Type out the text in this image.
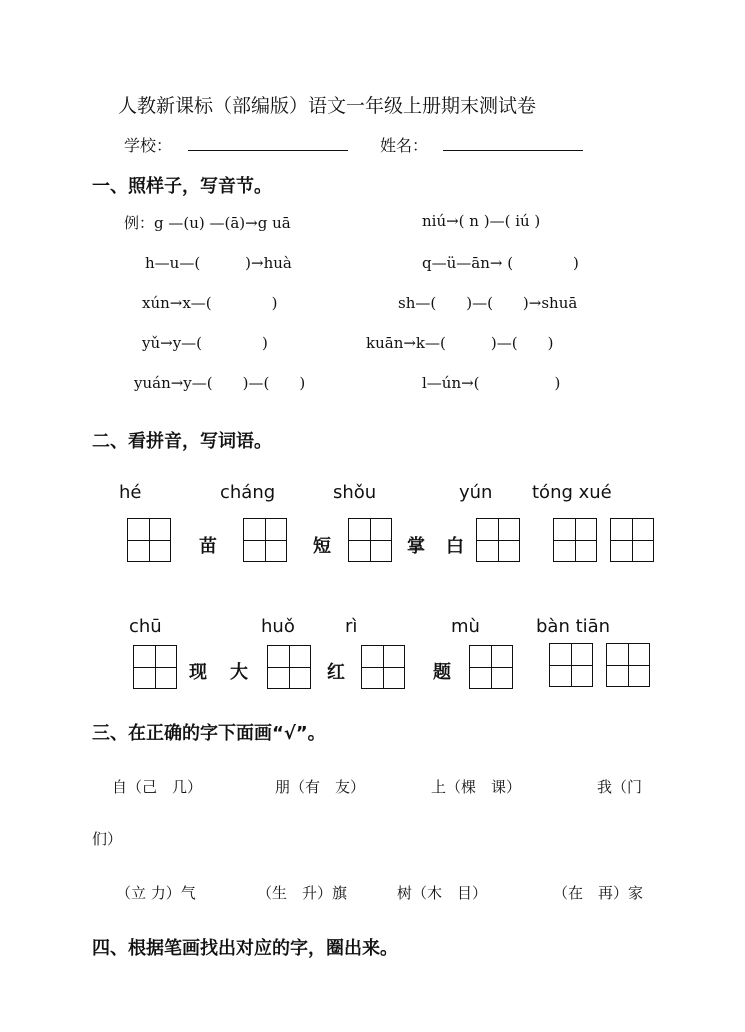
人教新课标（部编版）语文一年级上册期末测试卷
学校：	姓名：
一、照样子，写音节。
例：g —(u) —(ā)→g uā	niú→( n )—( iú )
h—u—(　　　)→huà	q—ü—ān→ (　　　　)
xún→x—(　　　　)	sh—(　　)—(　　)→shuā
yǔ→y—(　　　　)	kuān→k—(　　　)—(　　)
yuán→y—(　　)—(　　)	l—ún→(　　　　　)
二、看拼音，写词语。
hé	cháng	shǒu	yún tóng xué
苗	短	掌 白
chū	huǒ	rì	mù	bàn tiān
现 大	红	题
三、在正确的字下面画“√”。
自（己　几）	朋（有　友）	上（棵　课）	我（门
们）
（立 力）气	（生　升）旗	树（木　目）	（在　再）家
四、根据笔画找出对应的字，圈出来。
